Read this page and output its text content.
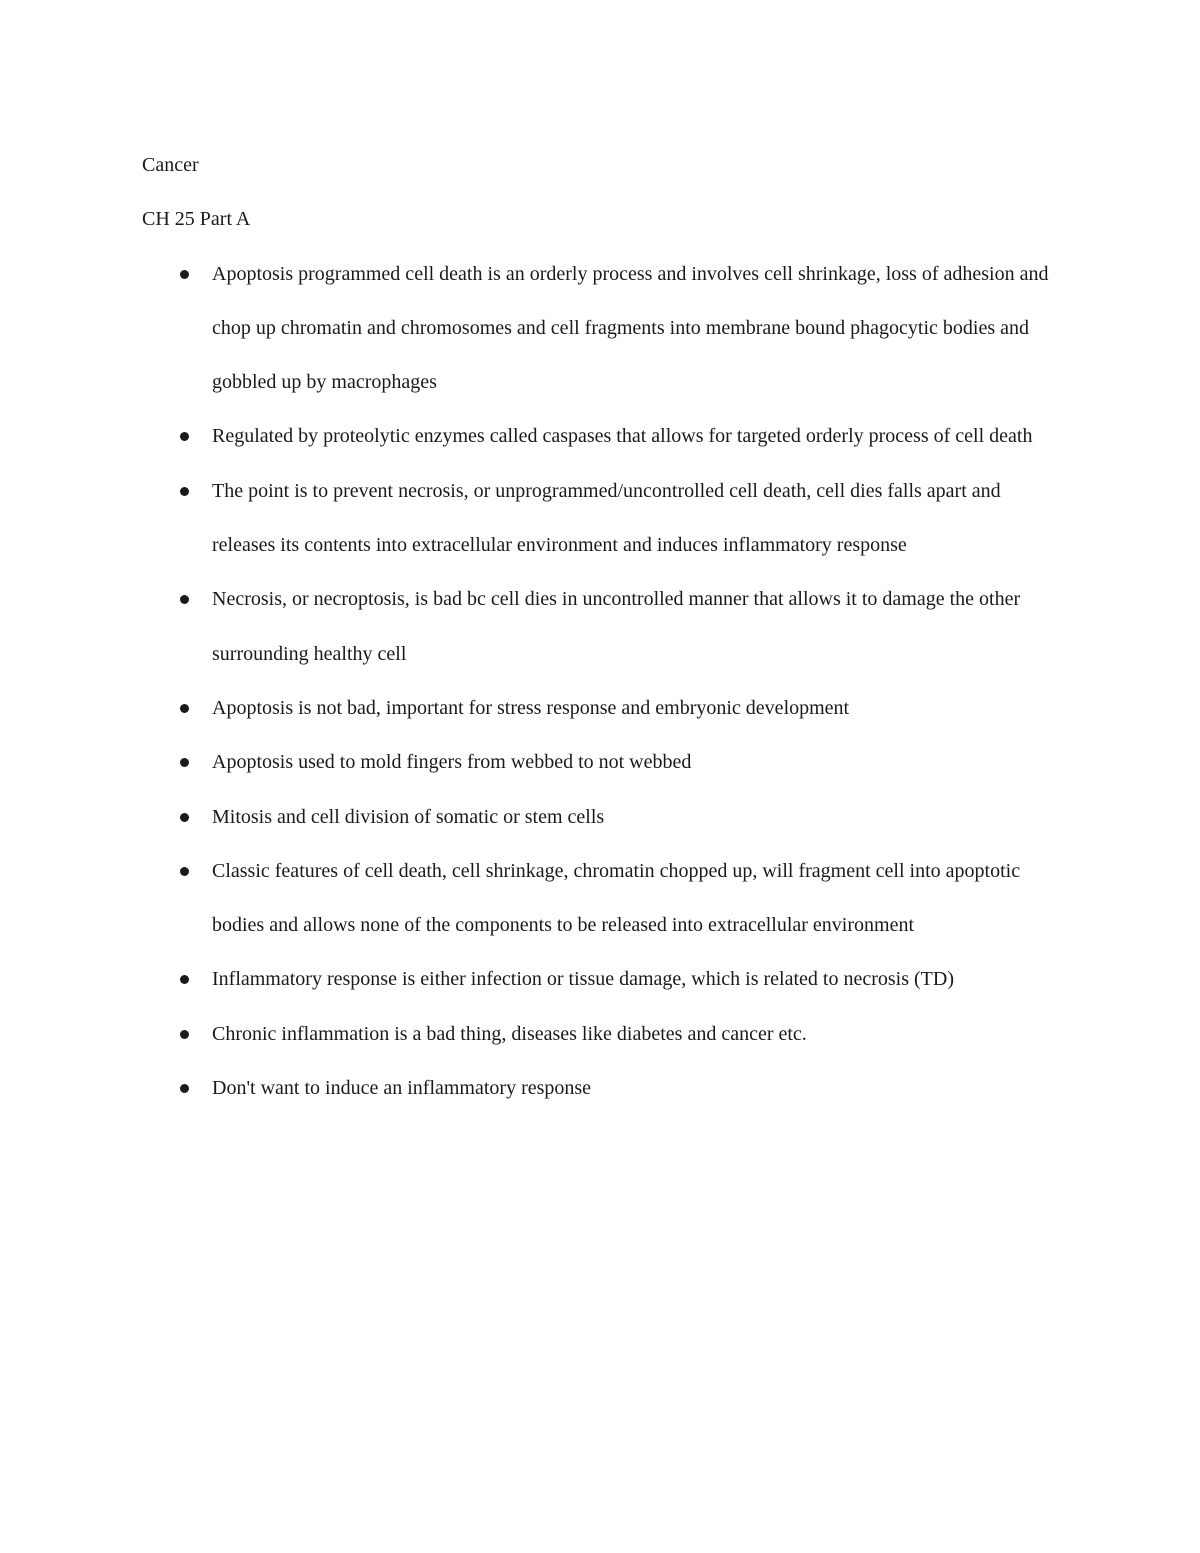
Cancer

CH 25 Part A

Apoptosis programmed cell death is an orderly process and involves cell shrinkage, loss of adhesion and chop up chromatin and chromosomes and cell fragments into membrane bound phagocytic bodies and gobbled up by macrophages
Regulated by proteolytic enzymes called caspases that allows for targeted orderly process of cell death
The point is to prevent necrosis, or unprogrammed/uncontrolled cell death, cell dies falls apart and releases its contents into extracellular environment and induces inflammatory response
Necrosis, or necroptosis, is bad bc cell dies in uncontrolled manner that allows it to damage the other surrounding healthy cell
Apoptosis is not bad, important for stress response and embryonic development
Apoptosis used to mold fingers from webbed to not webbed
Mitosis and cell division of somatic or stem cells
Classic features of cell death, cell shrinkage, chromatin chopped up, will fragment cell into apoptotic bodies and allows none of the components to be released into extracellular environment
Inflammatory response is either infection or tissue damage, which is related to necrosis (TD)
Chronic inflammation is a bad thing, diseases like diabetes and cancer etc.
Don't want to induce an inflammatory response
